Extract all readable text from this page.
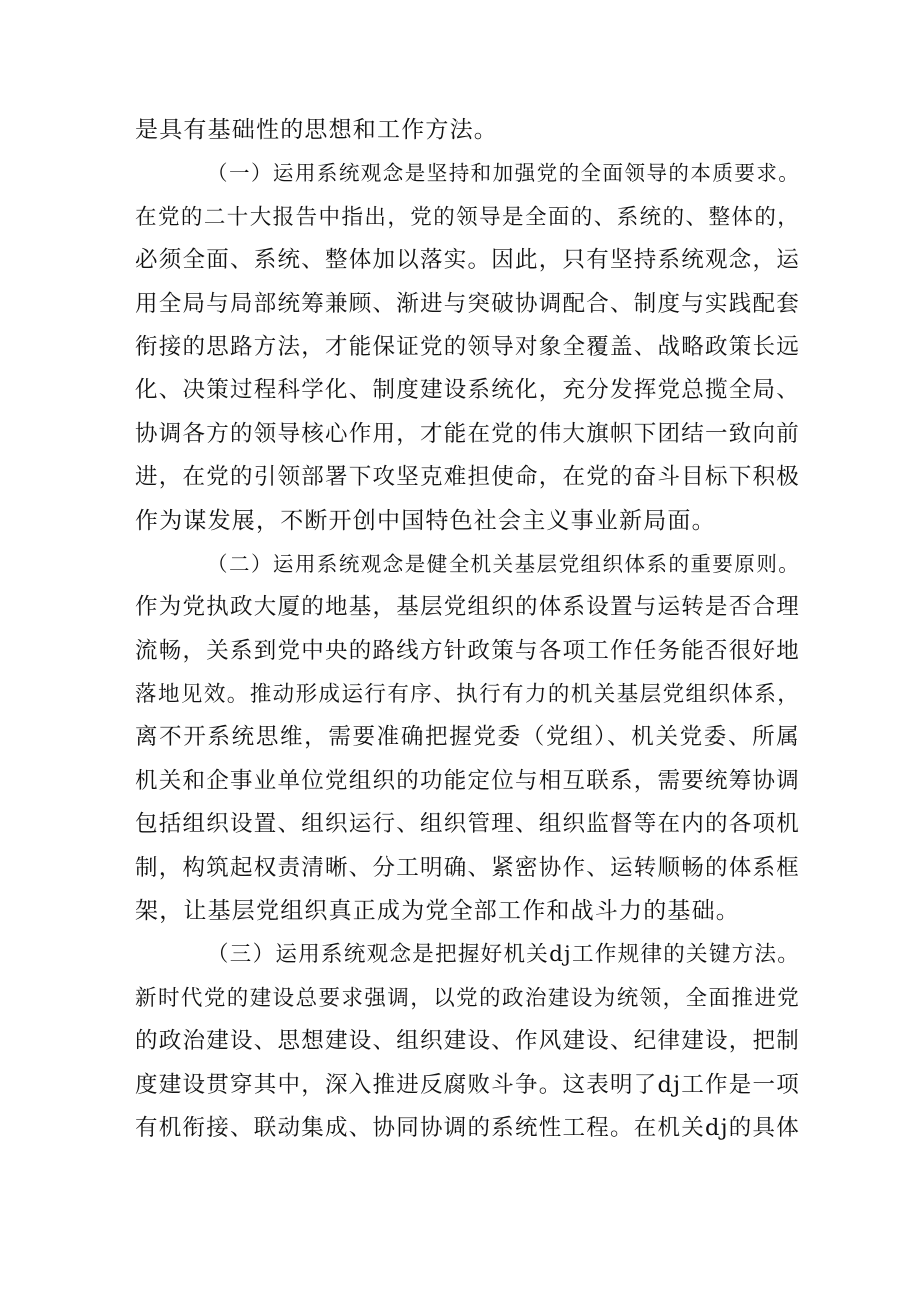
是具有基础性的思想和工作方法。
（一）运用系统观念是坚持和加强党的全面领导的本质要求。
在党的二十大报告中指出，党的领导是全面的、系统的、整体的，
必须全面、系统、整体加以落实。因此，只有坚持系统观念，运
用全局与局部统筹兼顾、渐进与突破协调配合、制度与实践配套
衔接的思路方法，才能保证党的领导对象全覆盖、战略政策长远
化、决策过程科学化、制度建设系统化，充分发挥党总揽全局、
协调各方的领导核心作用，才能在党的伟大旗帜下团结一致向前
进，在党的引领部署下攻坚克难担使命，在党的奋斗目标下积极
作为谋发展，不断开创中国特色社会主义事业新局面。
（二）运用系统观念是健全机关基层党组织体系的重要原则。
作为党执政大厦的地基，基层党组织的体系设置与运转是否合理
流畅，关系到党中央的路线方针政策与各项工作任务能否很好地
落地见效。推动形成运行有序、执行有力的机关基层党组织体系，
离不开系统思维，需要准确把握党委（党组）、机关党委、所属
机关和企事业单位党组织的功能定位与相互联系，需要统筹协调
包括组织设置、组织运行、组织管理、组织监督等在内的各项机
制，构筑起权责清晰、分工明确、紧密协作、运转顺畅的体系框
架，让基层党组织真正成为党全部工作和战斗力的基础。
（三）运用系统观念是把握好机关dj工作规律的关键方法。
新时代党的建设总要求强调，以党的政治建设为统领，全面推进党
的政治建设、思想建设、组织建设、作风建设、纪律建设，把制
度建设贯穿其中，深入推进反腐败斗争。这表明了dj工作是一项
有机衔接、联动集成、协同协调的系统性工程。在机关dj的具体
